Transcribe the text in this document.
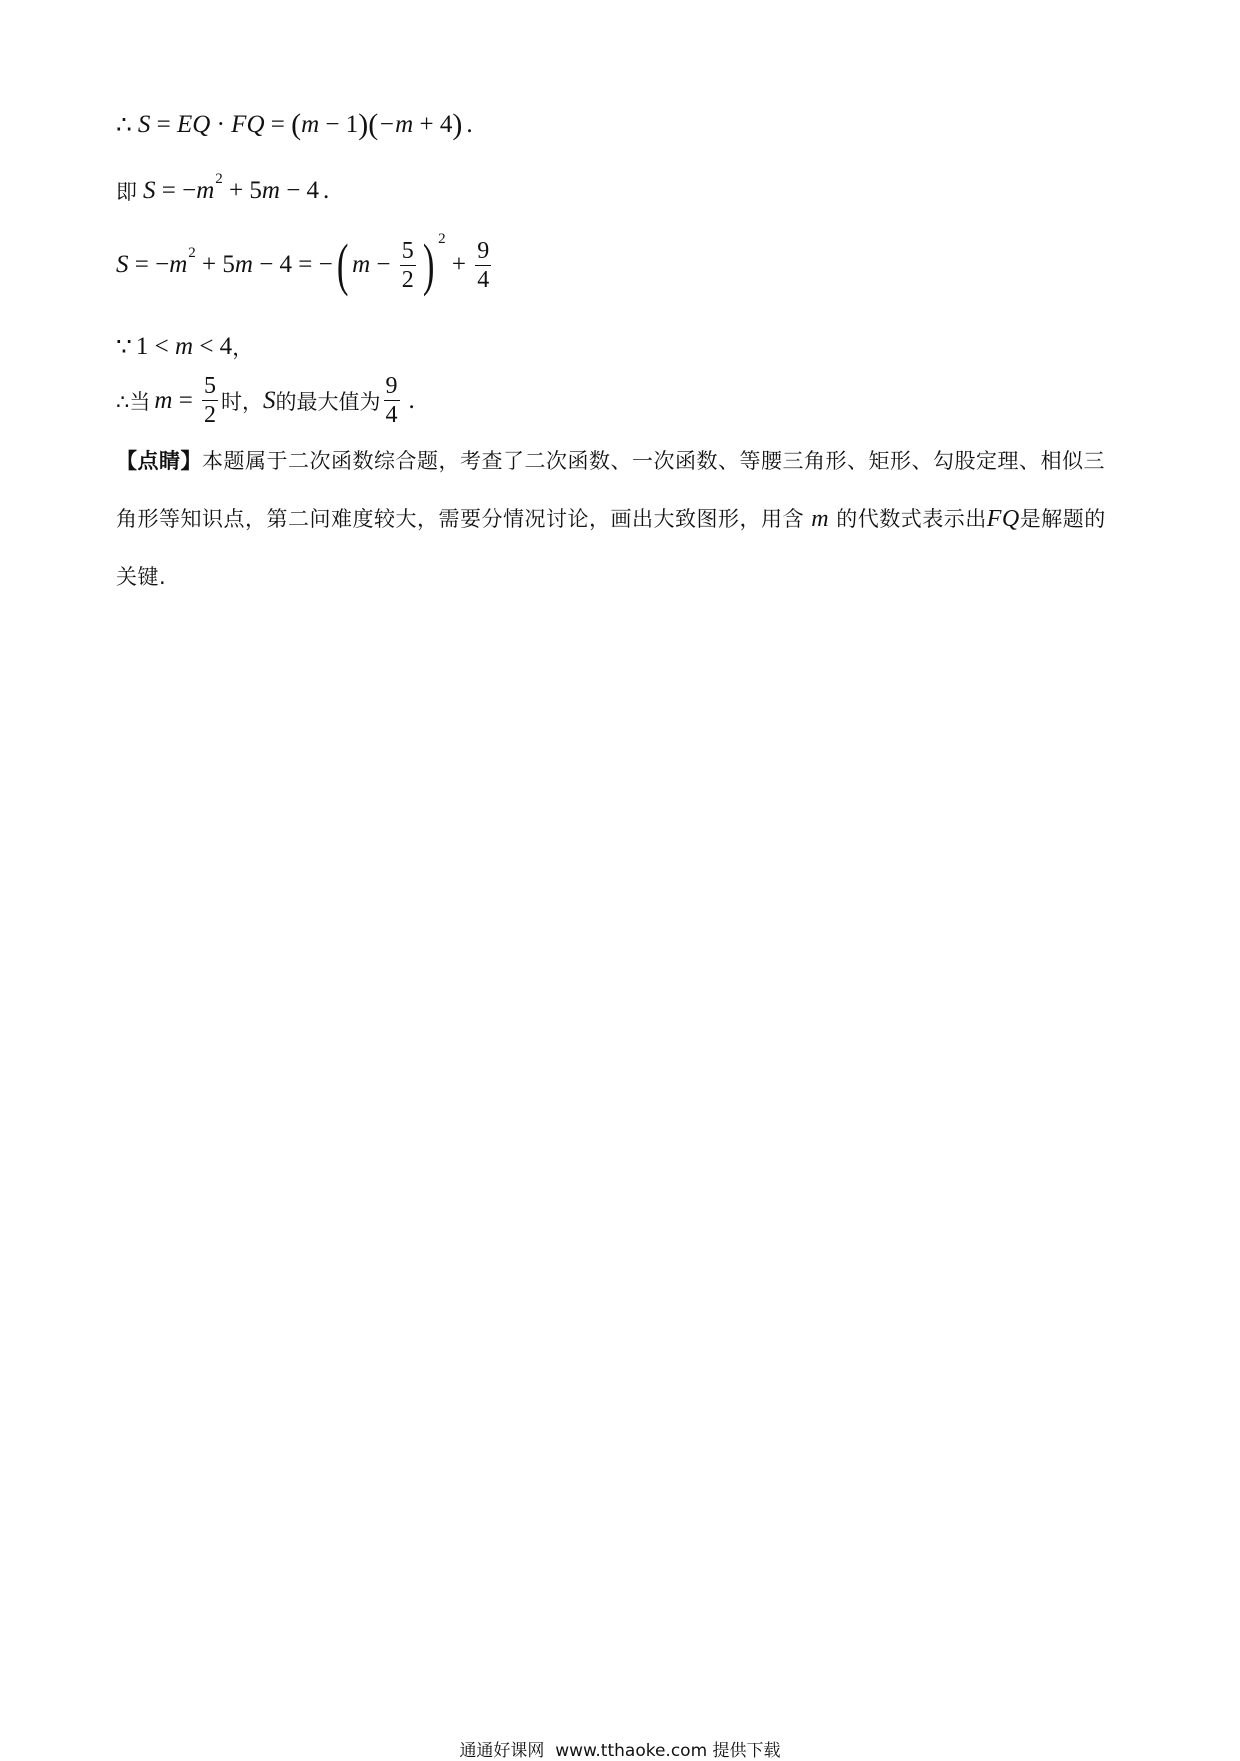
∴ S = EQ · FQ = ( m − 1 ) ( −m + 4 ) .
即 S = − m 2 + 5 m − 4 .
S = − m 2 + 5 m − 4 = − ( $m - \frac{5}{2}$ ) 2
+ $\frac{9}{4}$
∵ 1 < m < 4 ，
∴当 $m = \frac{5}{2}$ 时， S 的最大值为 $\frac{9}{4}$ .
【点睛】本题属于二次函数综合题，考查了二次函数、一次函数、等腰三角形、矩形、勾股定理、相似三角形等知识点，第二问难度较大，需要分情况讨论，画出大致图形，用含 m 的代数式表示出FQ是解题的关键.
通通好课网  www.tthaoke.com 提供下载
